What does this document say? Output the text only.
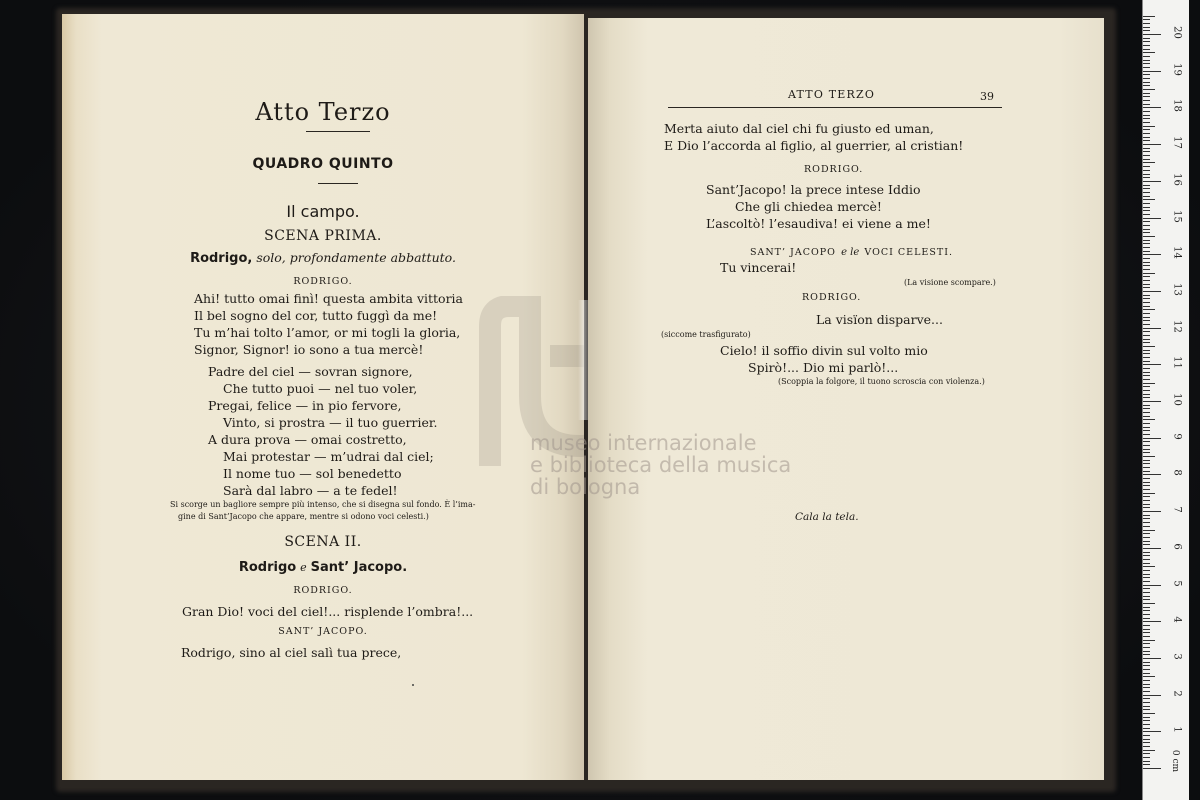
Atto Terzo
QUADRO QUINTO
Il campo.
SCENA PRIMA.
Rodrigo, solo, profondamente abbattuto.
RODRIGO.
Ahi! tutto omai finì! questa ambita vittoria
Il bel sogno del cor, tutto fuggì da me!
Tu m’hai tolto l’amor, or mi togli la gloria,
Signor, Signor! io sono a tua mercè!
Padre del ciel — sovran signore,
Che tutto puoi — nel tuo voler,
Pregai, felice — in pio fervore,
Vinto, si prostra — il tuo guerrier.
A dura prova — omai costretto,
Mai protestar — m’udrai dal ciel;
Il nome tuo — sol benedetto
Sarà dal labro — a te fedel!
Si scorge un bagliore sempre più intenso, che si disegna sul fondo. È l’ima-
gine di Sant’Jacopo che appare, mentre si odono voci celesti.)
SCENA II.
Rodrigo e Sant’ Jacopo.
RODRIGO.
Gran Dio! voci del ciel!... risplende l’ombra!...
SANT’ JACOPO.
Rodrigo, sino al ciel salì tua prece,
ATTO TERZO	39
Merta aiuto dal ciel chi fu giusto ed uman,
E Dio l’accorda al figlio, al guerrier, al cristian!
RODRIGO.
Sant’Jacopo! la prece intese Iddio
Che gli chiedea mercè!
L’ascoltò! l’esaudiva! ei viene a me!
SANT’ JACOPO e le VOCI CELESTI.
Tu vincerai!
(La visione scompare.)
RODRIGO.
La visïon disparve...
(siccome trasfigurato)
Cielo! il soffio divin sul volto mio
Spirò!... Dio mi parlò!...
(Scoppia la folgore, il tuono scroscia con violenza.)
Cala la tela.
museo internazionale
e biblioteca della musica
di bologna
1
2
3
4
5
6
7
8
9
10
11
12
13
14
15
16
17
18
19
20
0 cm
